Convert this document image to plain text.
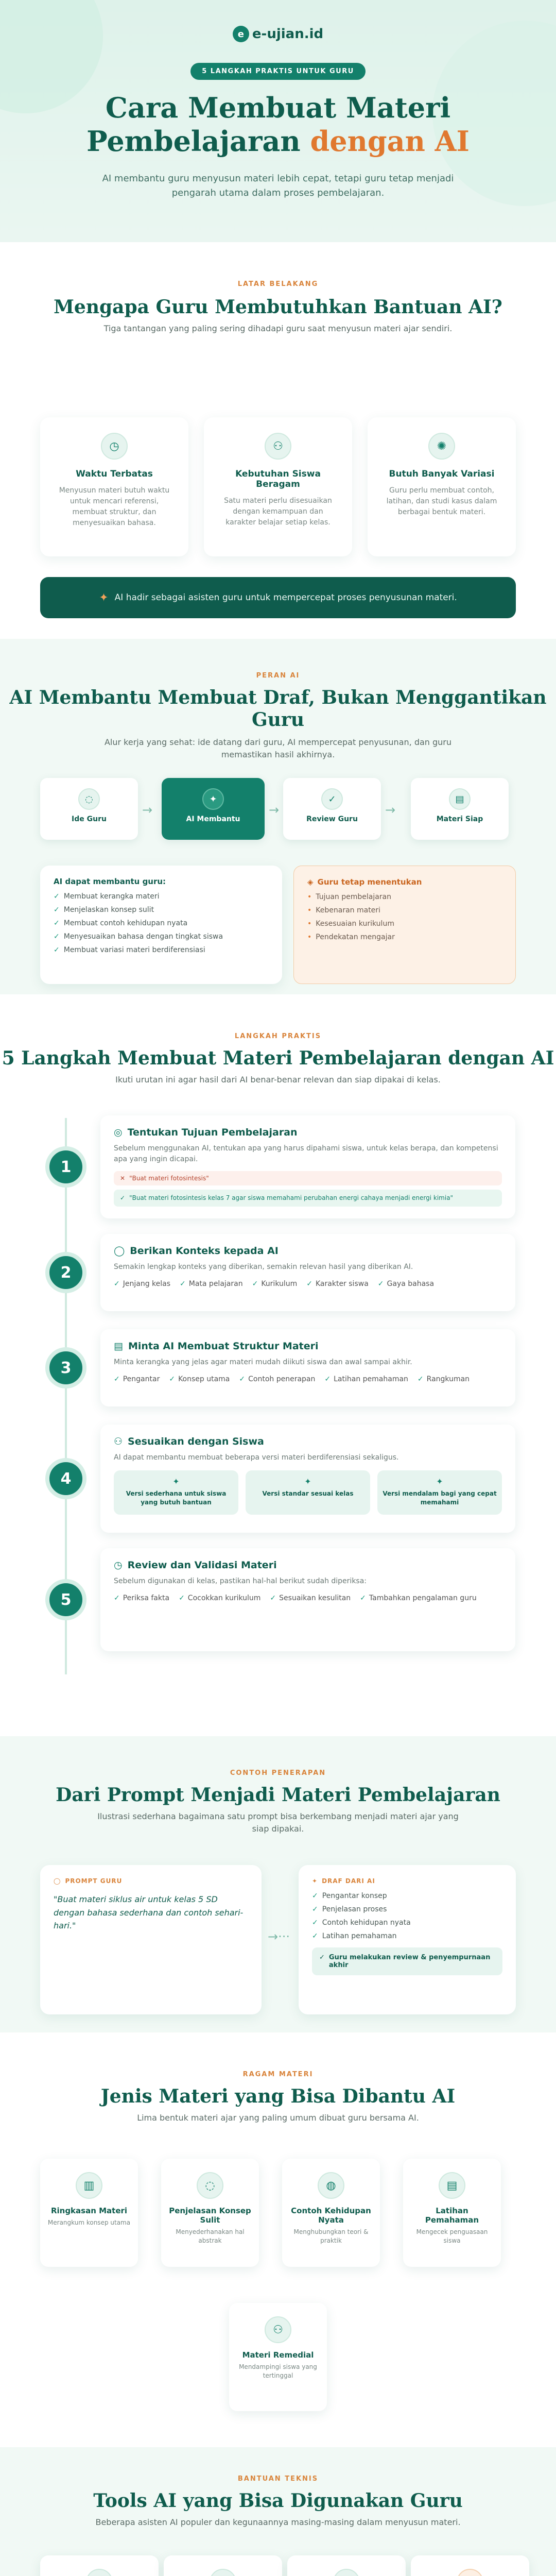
e e-ujian.id
5 LANGKAH PRAKTIS UNTUK GURU
Cara Membuat Materi
Pembelajaran dengan AI

AI membantu guru menyusun materi lebih cepat, tetapi guru tetap menjadi pengarah utama dalam proses pembelajaran.

LATAR BELAKANG
Mengapa Guru Membutuhkan Bantuan AI?

Tiga tantangan yang paling sering dihadapi guru saat menyusun materi ajar sendiri.

◷
Waktu Terbatas

Menyusun materi butuh waktu untuk mencari referensi, membuat struktur, dan menyesuaikan bahasa.

⚇
Kebutuhan Siswa Beragam

Satu materi perlu disesuaikan dengan kemampuan dan karakter belajar setiap kelas.

✺
Butuh Banyak Variasi

Guru perlu membuat contoh, latihan, dan studi kasus dalam berbagai bentuk materi.

✦ AI hadir sebagai asisten guru untuk mempercepat proses penyusunan materi.
PERAN AI
AI Membantu Membuat Draf, Bukan Menggantikan Guru

Alur kerja yang sehat: ide datang dari guru, AI mempercepat penyusunan, dan guru memastikan hasil akhirnya.

◌
Ide Guru
→
✦
AI Membantu
→
✓
Review Guru
→
▤
Materi Siap
AI dapat membantu guru:
✓ Membuat kerangka materi
✓ Menjelaskan konsep sulit
✓ Membuat contoh kehidupan nyata
✓ Menyesuaikan bahasa dengan tingkat siswa
✓ Membuat variasi materi berdiferensiasi
◈ Guru tetap menentukan
• Tujuan pembelajaran
• Kebenaran materi
• Kesesuaian kurikulum
• Pendekatan mengajar
LANGKAH PRAKTIS
5 Langkah Membuat Materi Pembelajaran dengan AI

Ikuti urutan ini agar hasil dari AI benar-benar relevan dan siap dipakai di kelas.

1
◎ Tentukan Tujuan Pembelajaran

Sebelum menggunakan AI, tentukan apa yang harus dipahami siswa, untuk kelas berapa, dan kompetensi apa yang ingin dicapai.

✕ "Buat materi fotosintesis"
✓ "Buat materi fotosintesis kelas 7 agar siswa memahami perubahan energi cahaya menjadi energi kimia"
2
◯ Berikan Konteks kepada AI

Semakin lengkap konteks yang diberikan, semakin relevan hasil yang diberikan AI.

✓ Jenjang kelas ✓ Mata pelajaran ✓ Kurikulum ✓ Karakter siswa ✓ Gaya bahasa
3
▤ Minta AI Membuat Struktur Materi

Minta kerangka yang jelas agar materi mudah diikuti siswa dan awal sampai akhir.

✓ Pengantar ✓ Konsep utama ✓ Contoh penerapan ✓ Latihan pemahaman ✓ Rangkuman
4
⚇ Sesuaikan dengan Siswa

AI dapat membantu membuat beberapa versi materi berdiferensiasi sekaligus.

✦
Versi sederhana untuk siswa yang butuh bantuan
✦
Versi standar sesuai kelas
✦
Versi mendalam bagi yang cepat memahami
5
◷ Review dan Validasi Materi

Sebelum digunakan di kelas, pastikan hal-hal berikut sudah diperiksa:

✓ Periksa fakta ✓ Cocokkan kurikulum ✓ Sesuaikan kesulitan ✓ Tambahkan pengalaman guru
CONTOH PENERAPAN
Dari Prompt Menjadi Materi Pembelajaran

Ilustrasi sederhana bagaimana satu prompt bisa berkembang menjadi materi ajar yang siap dipakai.

◯ PROMPT GURU

"Buat materi siklus air untuk kelas 5 SD dengan bahasa sederhana dan contoh sehari-hari."

→···
✦ DRAF DARI AI
✓ Pengantar konsep
✓ Penjelasan proses
✓ Contoh kehidupan nyata
✓ Latihan pemahaman
✓ Guru melakukan review & penyempurnaan akhir
RAGAM MATERI
Jenis Materi yang Bisa Dibantu AI

Lima bentuk materi ajar yang paling umum dibuat guru bersama AI.

▥
Ringkasan Materi
Merangkum konsep utama
◌
Penjelasan Konsep Sulit
Menyederhanakan hal abstrak
◍
Contoh Kehidupan Nyata
Menghubungkan teori & praktik
▤
Latihan Pemahaman
Mengecek penguasaan siswa
⚇
Materi Remedial
Mendampingi siswa yang tertinggal
BANTUAN TEKNIS
Tools AI yang Bisa Digunakan Guru

Beberapa asisten AI populer dan kegunaannya masing-masing dalam menyusun materi.
